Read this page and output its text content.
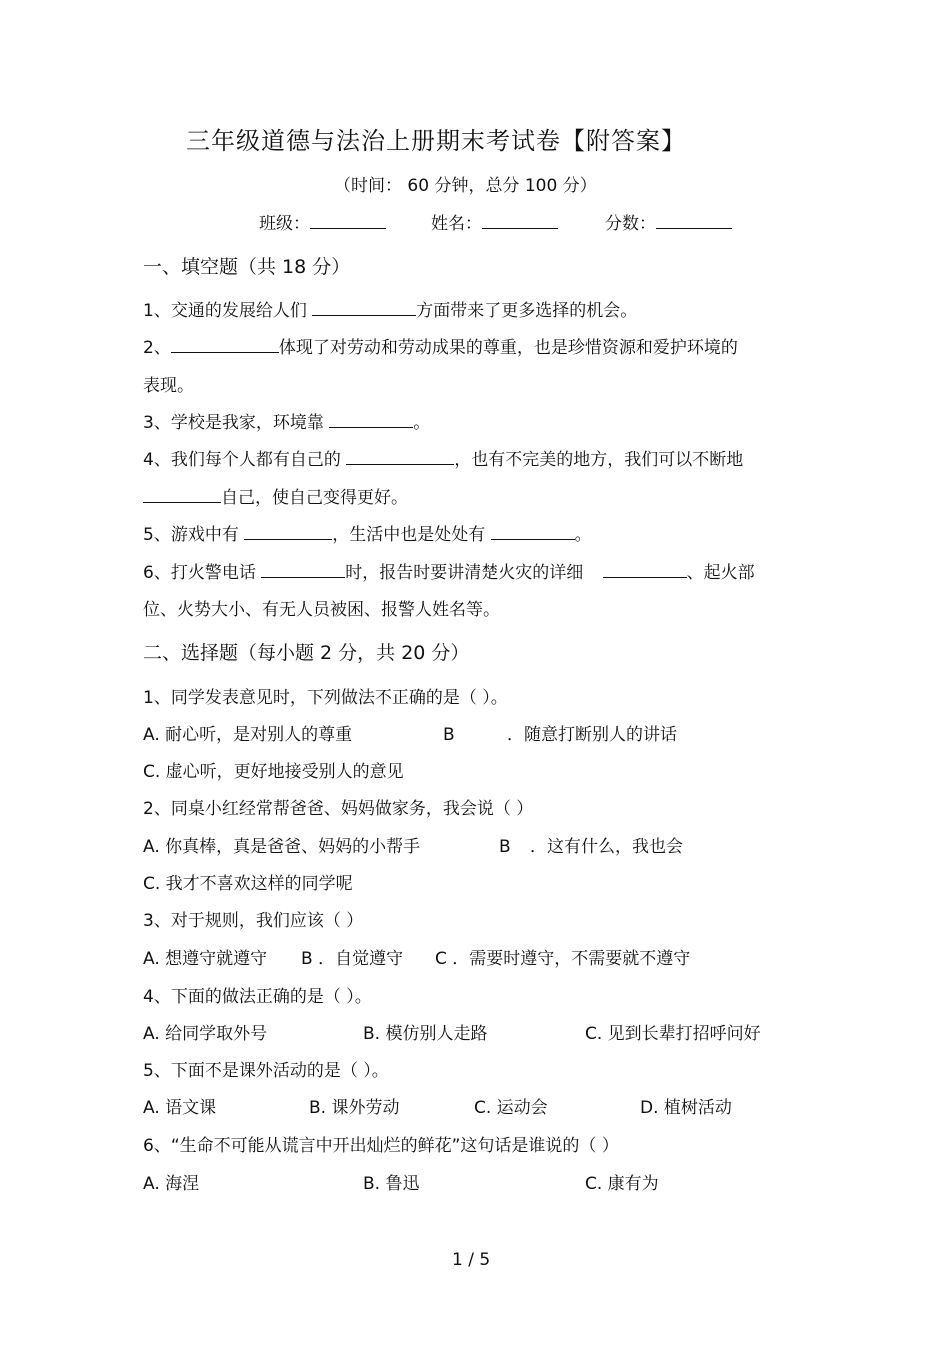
三年级道德与法治上册期末考试卷【附答案】
（时间： 60 分钟，总分 100 分）
班级：	姓名：	分数：
一、填空题（共 18 分）
1、交通的发展给人们	方面带来了更多选择的机会。
2、	体现了对劳动和劳动成果的尊重，也是珍惜资源和爱护环境的
表现。
3、学校是我家，环境靠	。
4、我们每个人都有自己的	，也有不完美的地方，我们可以不断地
自己，使自己变得更好。
5、游戏中有	，生活中也是处处有	。
6、打火警电话	时，报告时要讲清楚火灾的详细	、起火部
位、火势大小、有无人员被困、报警人姓名等。
二、选择题（每小题 2 分，共 20 分）
1、同学发表意见时，下列做法不正确的是（ ）。
A. 耐心听，是对别人的尊重	B	．随意打断别人的讲话
C. 虚心听，更好地接受别人的意见
2、同桌小红经常帮爸爸、妈妈做家务，我会说（ ）
A. 你真棒，真是爸爸、妈妈的小帮手	B ．这有什么，我也会
C. 我才不喜欢这样的同学呢
3、对于规则，我们应该（ ）
A. 想遵守就遵守 B ．自觉遵守 C ．需要时遵守，不需要就不遵守
4、下面的做法正确的是（ ）。
A. 给同学取外号	B. 模仿别人走路	C. 见到长辈打招呼问好
5、下面不是课外活动的是（ ）。
A. 语文课	B. 课外劳动	C. 运动会	D. 植树活动
6、“生命不可能从谎言中开出灿烂的鲜花”这句话是谁说的（ ）
A. 海涅	B. 鲁迅	C. 康有为
1 / 5
